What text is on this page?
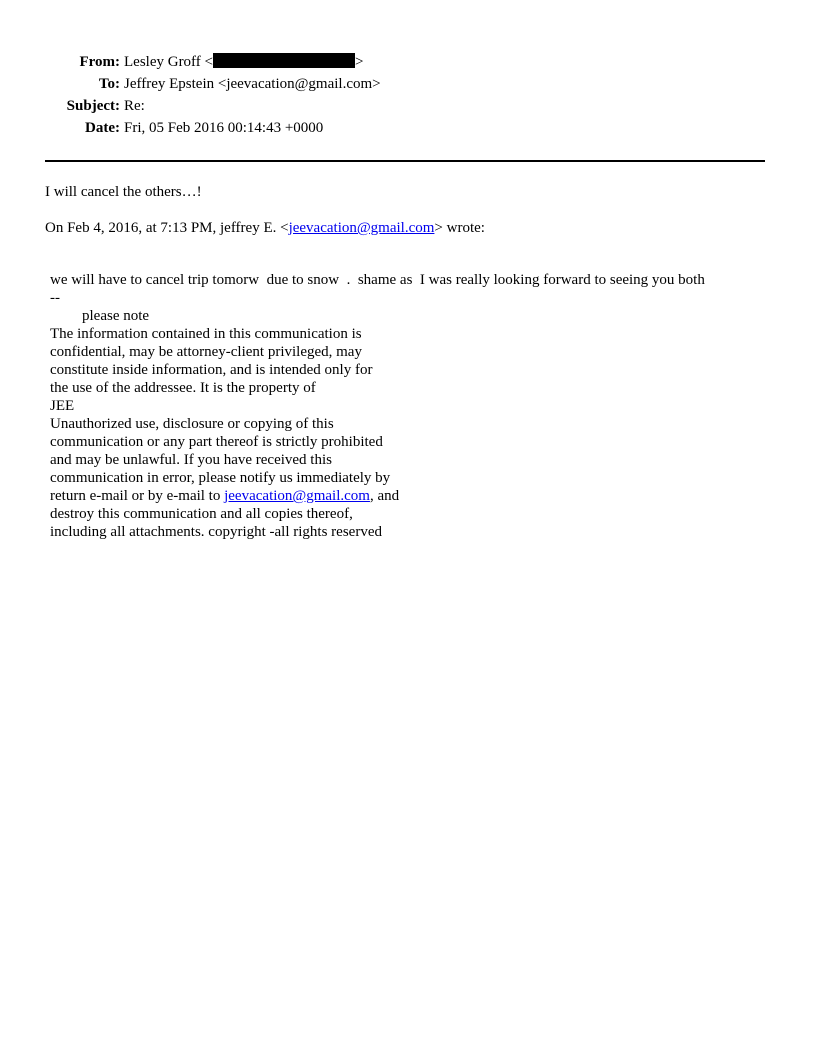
From: Lesley Groff <	>
To: Jeffrey Epstein <jeevacation@gmail.com>
Subject: Re:
Date: Fri, 05 Feb 2016 00:14:43 +0000
I will cancel the others…!
On Feb 4, 2016, at 7:13 PM, jeffrey E. <jeevacation@gmail.com> wrote:
we will have to cancel trip tomorw  due to snow  .  shame as  I was really looking forward to seeing you both
--
please note
The information contained in this communication is
confidential, may be attorney-client privileged, may
constitute inside information, and is intended only for
the use of the addressee. It is the property of
JEE
Unauthorized use, disclosure or copying of this
communication or any part thereof is strictly prohibited
and may be unlawful. If you have received this
communication in error, please notify us immediately by
return e-mail or by e-mail to jeevacation@gmail.com, and
destroy this communication and all copies thereof,
including all attachments. copyright -all rights reserved
